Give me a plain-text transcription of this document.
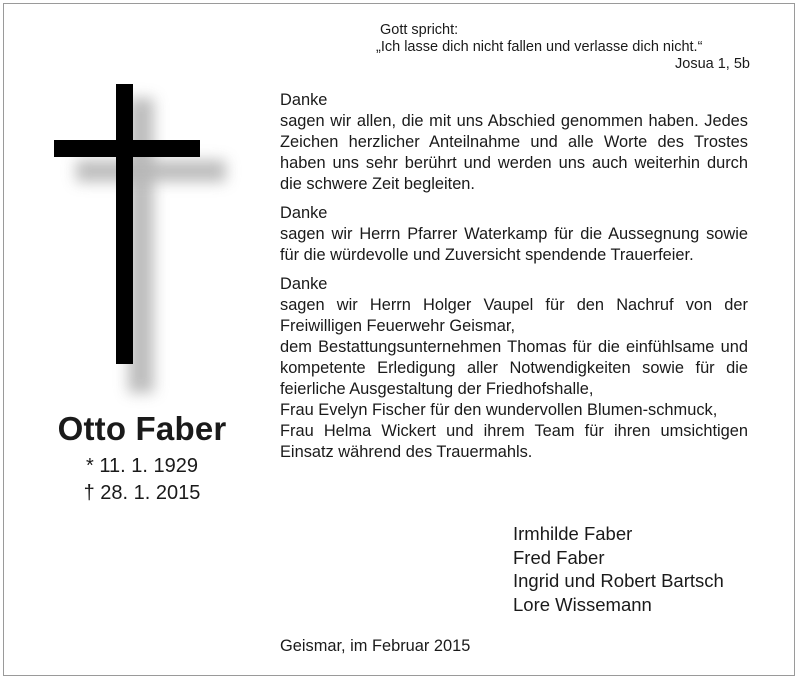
Otto Faber
* 11. 1. 1929
† 28. 1. 2015
Gott spricht:
„Ich lasse dich nicht fallen und verlasse dich nicht.“
Josua 1, 5b
Danke
sagen wir allen, die mit uns Abschied genommen haben. Jedes Zeichen herzlicher Anteilnahme und alle Worte des Trostes haben uns sehr berührt und werden uns auch weiterhin durch die schwere Zeit begleiten.
Danke
sagen wir Herrn Pfarrer Waterkamp für die Aussegnung sowie für die würdevolle und Zuversicht spendende Trauerfeier.
Danke
sagen wir Herrn Holger Vaupel für den Nachruf von der Freiwilligen Feuerwehr Geismar,
dem Bestattungsunternehmen Thomas für die einfühlsame und kompetente Erledigung aller Notwendigkeiten sowie für die feierliche Ausgestaltung der Friedhofshalle,
Frau Evelyn Fischer für den wundervollen Blumen-schmuck,
Frau Helma Wickert und ihrem Team für ihren umsichtigen Einsatz während des Trauermahls.
Irmhilde Faber
Fred Faber
Ingrid und Robert Bartsch
Lore Wissemann
Geismar, im Februar 2015
